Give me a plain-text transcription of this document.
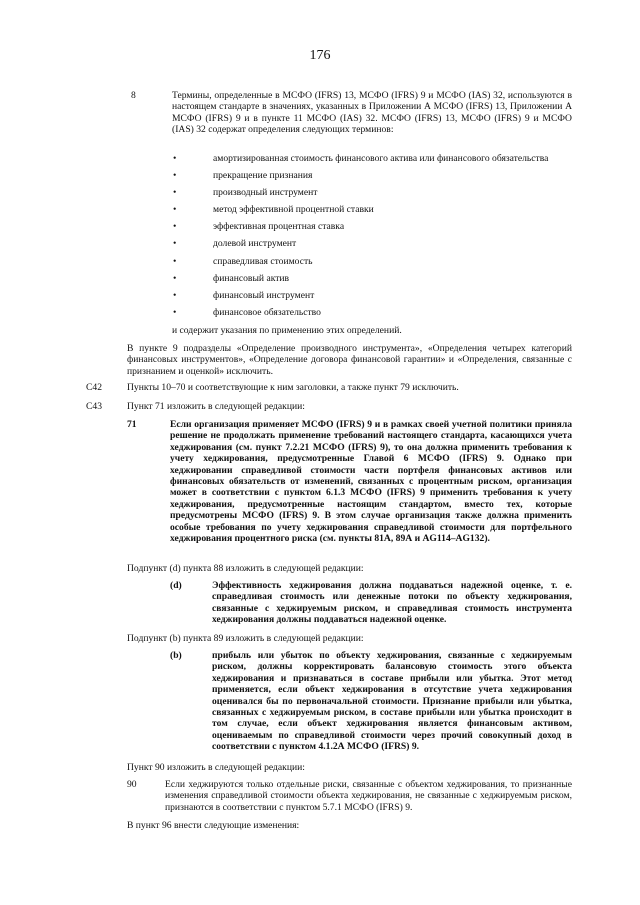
176
8	Термины, определенные в МСФО (IFRS) 13, МСФО (IFRS) 9 и МСФО (IAS) 32, используются в настоящем стандарте в значениях, указанных в Приложении А МСФО (IFRS) 13, Приложении А МСФО (IFRS) 9 и в пункте 11 МСФО (IAS) 32. МСФО (IFRS) 13, МСФО (IFRS) 9 и МСФО (IAS) 32 содержат определения следующих терминов:
•	амортизированная стоимость финансового актива или финансового обязательства
•	прекращение признания
•	производный инструмент
•	метод эффективной процентной ставки
•	эффективная процентная ставка
•	долевой инструмент
•	справедливая стоимость
•	финансовый актив
•	финансовый инструмент
•	финансовое обязательство
и содержит указания по применению этих определений.
В пункте 9 подразделы «Определение производного инструмента», «Определения четырех категорий финансовых инструментов», «Определение договора финансовой гарантии» и «Определения, связанные с признанием и оценкой» исключить.
С42	Пункты 10–70 и соответствующие к ним заголовки, а также пункт 79 исключить.
С43	Пункт 71 изложить в следующей редакции:
71	Если организация применяет МСФО (IFRS) 9 и в рамках своей учетной политики приняла решение не продолжать применение требований настоящего стандарта, касающихся учета хеджирования (см. пункт 7.2.21 МСФО (IFRS) 9), то она должна применить требования к учету хеджирования, предусмотренные Главой 6 МСФО (IFRS) 9. Однако при хеджировании справедливой стоимости части портфеля финансовых активов или финансовых обязательств от изменений, связанных с процентным риском, организация может в соответствии с пунктом 6.1.3 МСФО (IFRS) 9 применить требования к учету хеджирования, предусмотренные настоящим стандартом, вместо тех, которые предусмотрены МСФО (IFRS) 9. В этом случае организация также должна применить особые требования по учету хеджирования справедливой стоимости для портфельного хеджирования процентного риска (см. пункты 81А, 89А и AG114–AG132).
Подпункт (d) пункта 88 изложить в следующей редакции:
(d)	Эффективность хеджирования должна поддаваться надежной оценке, т. е. справедливая стоимость или денежные потоки по объекту хеджирования, связанные с хеджируемым риском, и справедливая стоимость инструмента хеджирования должны поддаваться надежной оценке.
Подпункт (b) пункта 89 изложить в следующей редакции:
(b)	прибыль или убыток по объекту хеджирования, связанные с хеджируемым риском, должны корректировать балансовую стоимость этого объекта хеджирования и признаваться в составе прибыли или убытка. Этот метод применяется, если объект хеджирования в отсутствие учета хеджирования оценивался бы по первоначальной стоимости. Признание прибыли или убытка, связанных с хеджируемым риском, в составе прибыли или убытка происходит в том случае, если объект хеджирования является финансовым активом, оцениваемым по справедливой стоимости через прочий совокупный доход в соответствии с пунктом 4.1.2А МСФО (IFRS) 9.
Пункт 90 изложить в следующей редакции:
90	Если хеджируются только отдельные риски, связанные с объектом хеджирования, то признанные изменения справедливой стоимости объекта хеджирования, не связанные с хеджируемым риском, признаются в соответствии с пунктом 5.7.1 МСФО (IFRS) 9.
В пункт 96 внести следующие изменения:
